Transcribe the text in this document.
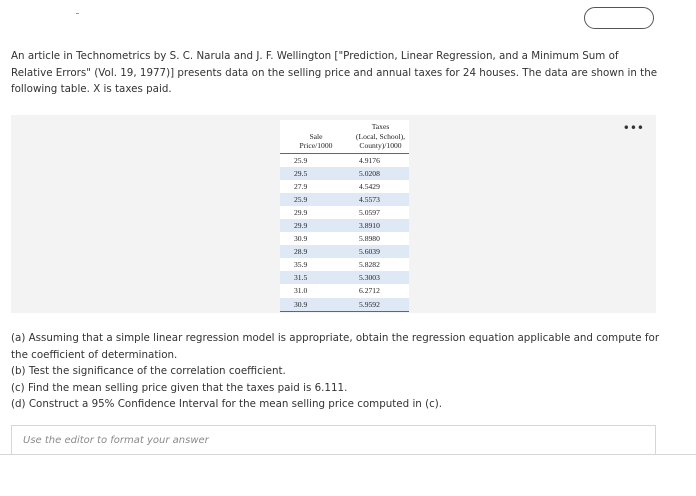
An article in Technometrics by S. C. Narula and J. F. Wellington ["Prediction, Linear Regression, and a Minimum Sum of Relative Errors" (Vol. 19, 1977)] presents data on the selling price and annual taxes for 24 houses. The data are shown in the following table. X is taxes paid.
•••
	Taxes
Sale	(Local, School),
Price/1000	County)/1000
25.9	4.9176
29.5	5.0208
27.9	4.5429
25.9	4.5573
29.9	5.0597
29.9	3.8910
30.9	5.8980
28.9	5.6039
35.9	5.8282
31.5	5.3003
31.0	6.2712
30.9	5.9592

(a) Assuming that a simple linear regression model is appropriate, obtain the regression equation applicable and compute for the coefficient of determination.

(b) Test the significance of the correlation coefficient.

(c) Find the mean selling price given that the taxes paid is 6.111.

(d) Construct a 95% Confidence Interval for the mean selling price computed in (c).

Use the editor to format your answer
